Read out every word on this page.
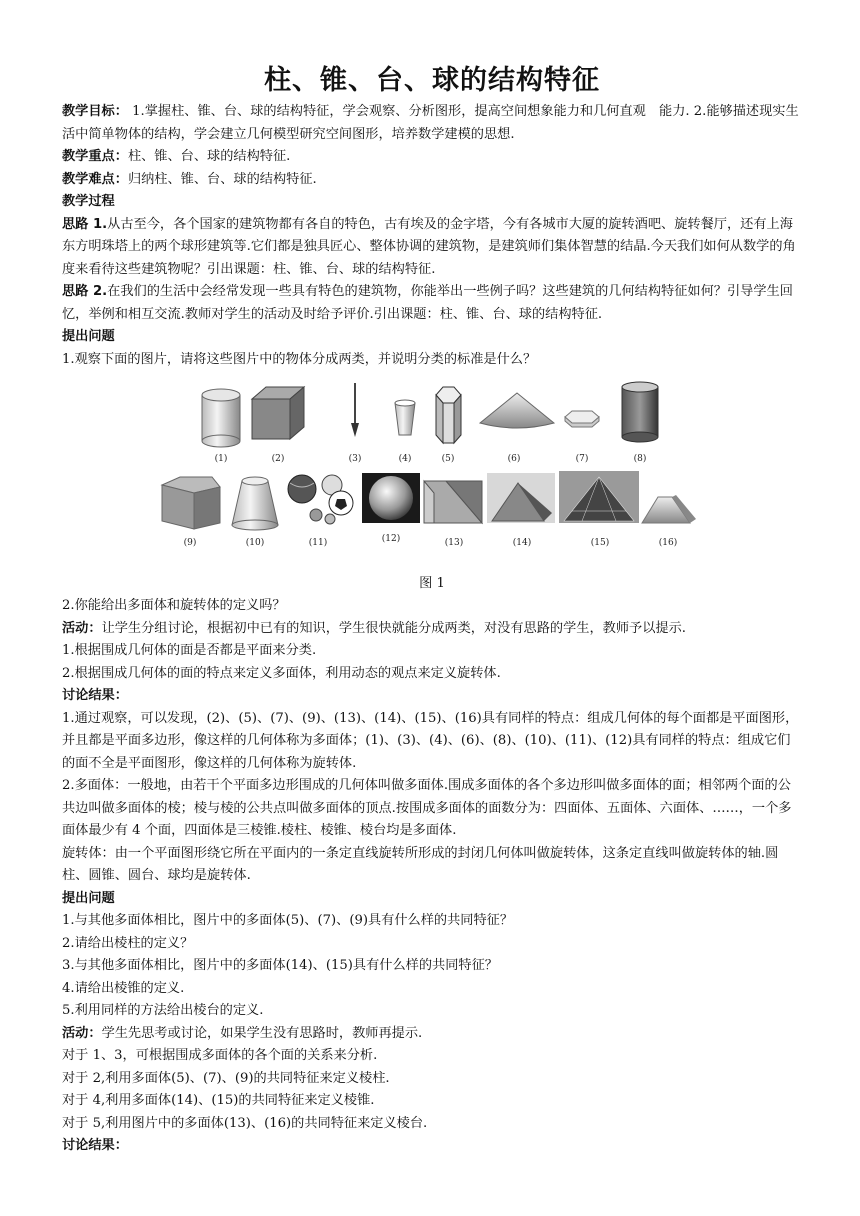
柱、锥、台、球的结构特征

教学目标： 1.掌握柱、锥、台、球的结构特征，学会观察、分析图形，提高空间想象能力和几何直观　能力. 2.能够描述现实生活中简单物体的结构，学会建立几何模型研究空间图形，培养数学建模的思想.

教学重点：柱、锥、台、球的结构特征.

教学难点：归纳柱、锥、台、球的结构特征.

教学过程

思路 1.从古至今，各个国家的建筑物都有各自的特色，古有埃及的金字塔，今有各城市大厦的旋转酒吧、旋转餐厅，还有上海东方明珠塔上的两个球形建筑等.它们都是独具匠心、整体协调的建筑物，是建筑师们集体智慧的结晶.今天我们如何从数学的角度来看待这些建筑物呢？引出课题：柱、锥、台、球的结构特征.

思路 2.在我们的生活中会经常发现一些具有特色的建筑物，你能举出一些例子吗？这些建筑的几何结构特征如何？引导学生回忆，举例和相互交流.教师对学生的活动及时给予评价.引出课题：柱、锥、台、球的结构特征.

提出问题

1.观察下面的图片，请将这些图片中的物体分成两类，并说明分类的标准是什么？

(1)	(2)	(3)	(4)	(5)	(6)	(7)	(8)
(9)	(10)	(11)	(12)	(13)	(14)	(15)	(16)

图 1

2.你能给出多面体和旋转体的定义吗？

活动：让学生分组讨论，根据初中已有的知识，学生很快就能分成两类，对没有思路的学生，教师予以提示.

1.根据围成几何体的面是否都是平面来分类.

2.根据围成几何体的面的特点来定义多面体，利用动态的观点来定义旋转体.

讨论结果：

1.通过观察，可以发现，(2)、(5)、(7)、(9)、(13)、(14)、(15)、(16)具有同样的特点：组成几何体的每个面都是平面图形，并且都是平面多边形，像这样的几何体称为多面体；(1)、(3)、(4)、(6)、(8)、(10)、(11)、(12)具有同样的特点：组成它们的面不全是平面图形，像这样的几何体称为旋转体.

2.多面体：一般地，由若干个平面多边形围成的几何体叫做多面体.围成多面体的各个多边形叫做多面体的面；相邻两个面的公共边叫做多面体的棱；棱与棱的公共点叫做多面体的顶点.按围成多面体的面数分为：四面体、五面体、六面体、……，一个多面体最少有 4 个面，四面体是三棱锥.棱柱、棱锥、棱台均是多面体.

旋转体：由一个平面图形绕它所在平面内的一条定直线旋转所形成的封闭几何体叫做旋转体，这条定直线叫做旋转体的轴.圆柱、圆锥、圆台、球均是旋转体.

提出问题

1.与其他多面体相比，图片中的多面体(5)、(7)、(9)具有什么样的共同特征？

2.请给出棱柱的定义？

3.与其他多面体相比，图片中的多面体(14)、(15)具有什么样的共同特征？

4.请给出棱锥的定义.

5.利用同样的方法给出棱台的定义.

活动：学生先思考或讨论，如果学生没有思路时，教师再提示.

对于 1、3，可根据围成多面体的各个面的关系来分析.

对于 2,利用多面体(5)、(7)、(9)的共同特征来定义棱柱.

对于 4,利用多面体(14)、(15)的共同特征来定义棱锥.

对于 5,利用图片中的多面体(13)、(16)的共同特征来定义棱台.

讨论结果：
